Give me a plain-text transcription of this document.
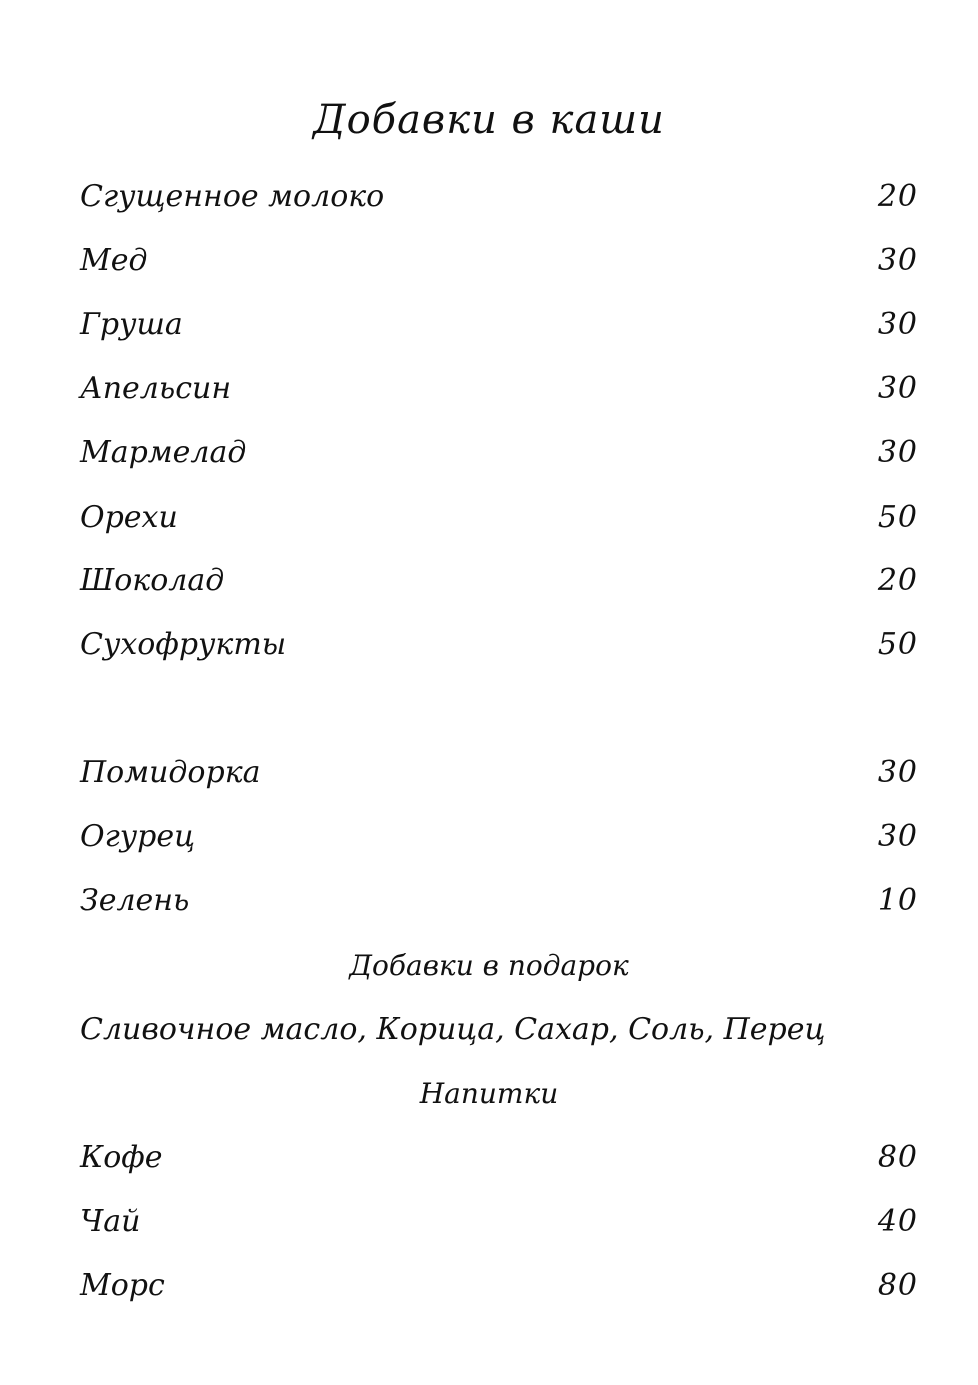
Добавки в каши
Сгущенное молоко	20
Мед	30
Груша	30
Апельсин	30
Мармелад	30
Орехи	50
Шоколад	20
Сухофрукты	50
Помидорка	30
Огурец	30
Зелень	10
Добавки в подарок
Сливочное масло, Корица, Сахар, Соль, Перец
Напитки
Кофе	80
Чай	40
Морс	80
